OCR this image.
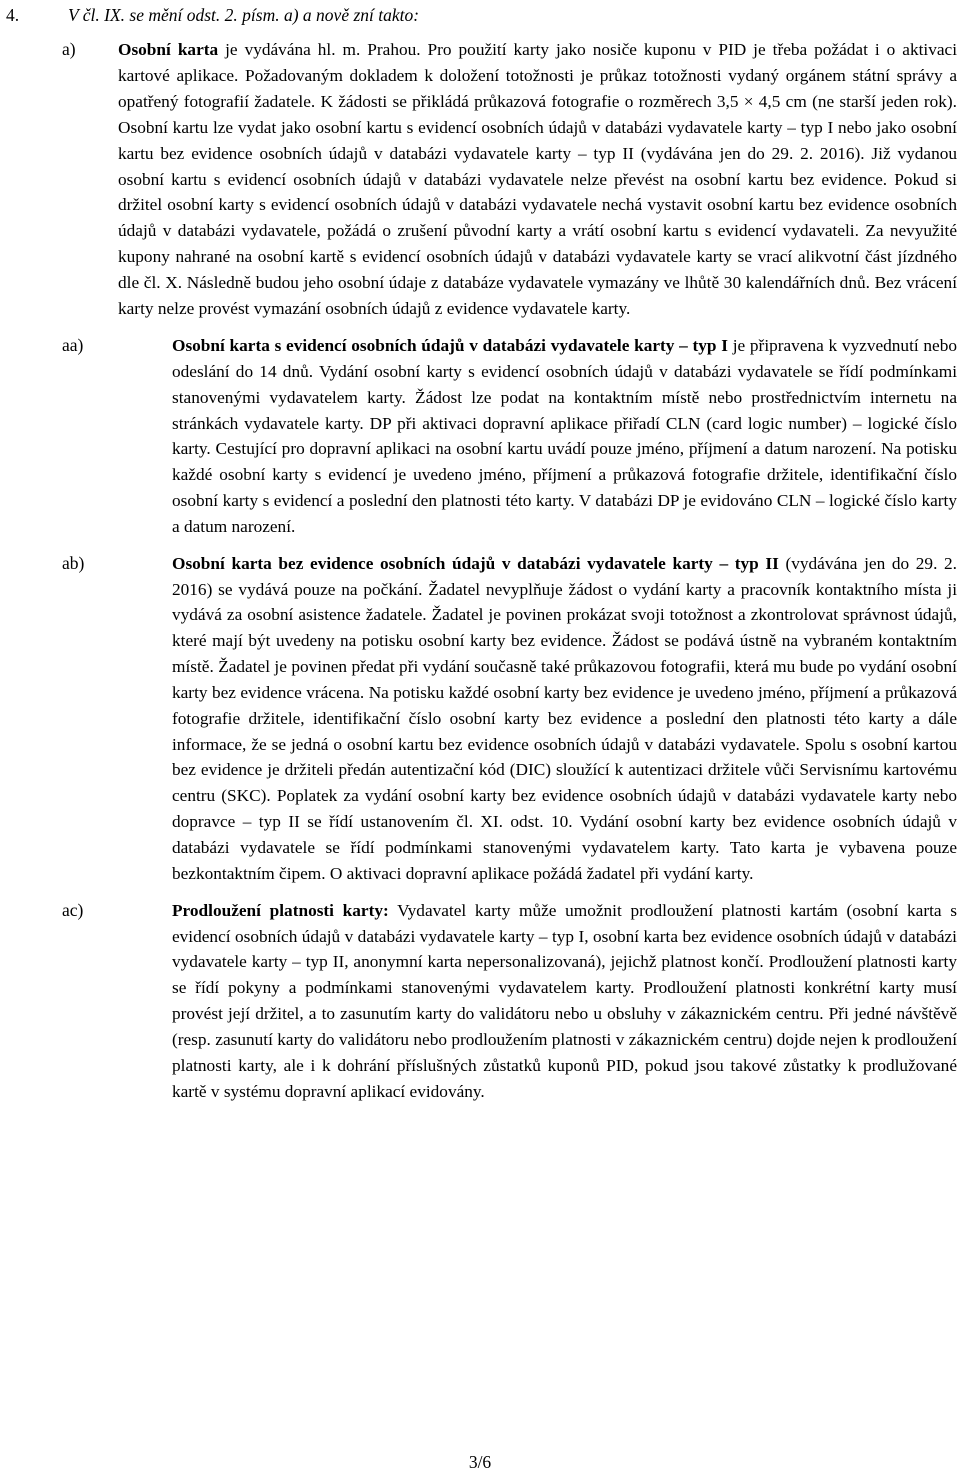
4.	V čl. IX. se mění odst. 2. písm. a) a nově zní takto:
a) Osobní karta je vydávána hl. m. Prahou. Pro použití karty jako nosiče kuponu v PID je třeba požádat i o aktivaci kartové aplikace. Požadovaným dokladem k doložení totožnosti je průkaz totožnosti vydaný orgánem státní správy a opatřený fotografií žadatele. K žádosti se přikládá průkazová fotografie o rozměrech 3,5 × 4,5 cm (ne starší jeden rok). Osobní kartu lze vydat jako osobní kartu s evidencí osobních údajů v databázi vydavatele karty – typ I nebo jako osobní kartu bez evidence osobních údajů v databázi vydavatele karty – typ II (vydávána jen do 29. 2. 2016). Již vydanou osobní kartu s evidencí osobních údajů v databázi vydavatele nelze převést na osobní kartu bez evidence. Pokud si držitel osobní karty s evidencí osobních údajů v databázi vydavatele nechá vystavit osobní kartu bez evidence osobních údajů v databázi vydavatele, požádá o zrušení původní karty a vrátí osobní kartu s evidencí vydavateli. Za nevyužité kupony nahrané na osobní kartě s evidencí osobních údajů v databázi vydavatele karty se vrací alikvotní část jízdného dle čl. X. Následně budou jeho osobní údaje z databáze vydavatele vymazány ve lhůtě 30 kalendářních dnů. Bez vrácení karty nelze provést vymazání osobních údajů z evidence vydavatele karty.
aa)	Osobní karta s evidencí osobních údajů v databázi vydavatele karty – typ I je připravena k vyzvednutí nebo odeslání do 14 dnů. Vydání osobní karty s evidencí osobních údajů v databázi vydavatele se řídí podmínkami stanovenými vydavatelem karty. Žádost lze podat na kontaktním místě nebo prostřednictvím internetu na stránkách vydavatele karty. DP při aktivaci dopravní aplikace přiřadí CLN (card logic number) – logické číslo karty. Cestující pro dopravní aplikaci na osobní kartu uvádí pouze jméno, příjmení a datum narození. Na potisku každé osobní karty s evidencí je uvedeno jméno, příjmení a průkazová fotografie držitele, identifikační číslo osobní karty s evidencí a poslední den platnosti této karty. V databázi DP je evidováno CLN – logické číslo karty a datum narození.
ab)	Osobní karta bez evidence osobních údajů v databázi vydavatele karty – typ II (vydávána jen do 29. 2. 2016) se vydává pouze na počkání. Žadatel nevyplňuje žádost o vydání karty a pracovník kontaktního místa ji vydává za osobní asistence žadatele. Žadatel je povinen prokázat svoji totožnost a zkontrolovat správnost údajů, které mají být uvedeny na potisku osobní karty bez evidence. Žádost se podává ústně na vybraném kontaktním místě. Žadatel je povinen předat při vydání současně také průkazovou fotografii, která mu bude po vydání osobní karty bez evidence vrácena. Na potisku každé osobní karty bez evidence je uvedeno jméno, příjmení a průkazová fotografie držitele, identifikační číslo osobní karty bez evidence a poslední den platnosti této karty a dále informace, že se jedná o osobní kartu bez evidence osobních údajů v databázi vydavatele. Spolu s osobní kartou bez evidence je držiteli předán autentizační kód (DIC) sloužící k autentizaci držitele vůči Servisnímu kartovému centru (SKC). Poplatek za vydání osobní karty bez evidence osobních údajů v databázi vydavatele karty nebo dopravce – typ II se řídí ustanovením čl. XI. odst. 10. Vydání osobní karty bez evidence osobních údajů v databázi vydavatele se řídí podmínkami stanovenými vydavatelem karty. Tato karta je vybavena pouze bezkontaktním čipem. O aktivaci dopravní aplikace požádá žadatel při vydání karty.
ac)	Prodloužení platnosti karty: Vydavatel karty může umožnit prodloužení platnosti kartám (osobní karta s evidencí osobních údajů v databázi vydavatele karty – typ I, osobní karta bez evidence osobních údajů v databázi vydavatele karty – typ II, anonymní karta nepersonalizovaná), jejichž platnost končí. Prodloužení platnosti karty se řídí pokyny a podmínkami stanovenými vydavatelem karty. Prodloužení platnosti konkrétní karty musí provést její držitel, a to zasunutím karty do validátoru nebo u obsluhy v zákaznickém centru. Při jedné návštěvě (resp. zasunutí karty do validátoru nebo prodloužením platnosti v zákaznickém centru) dojde nejen k prodloužení platnosti karty, ale i k dohrání příslušných zůstatků kuponů PID, pokud jsou takové zůstatky k prodlužované kartě v systému dopravní aplikací evidovány.
3/6
